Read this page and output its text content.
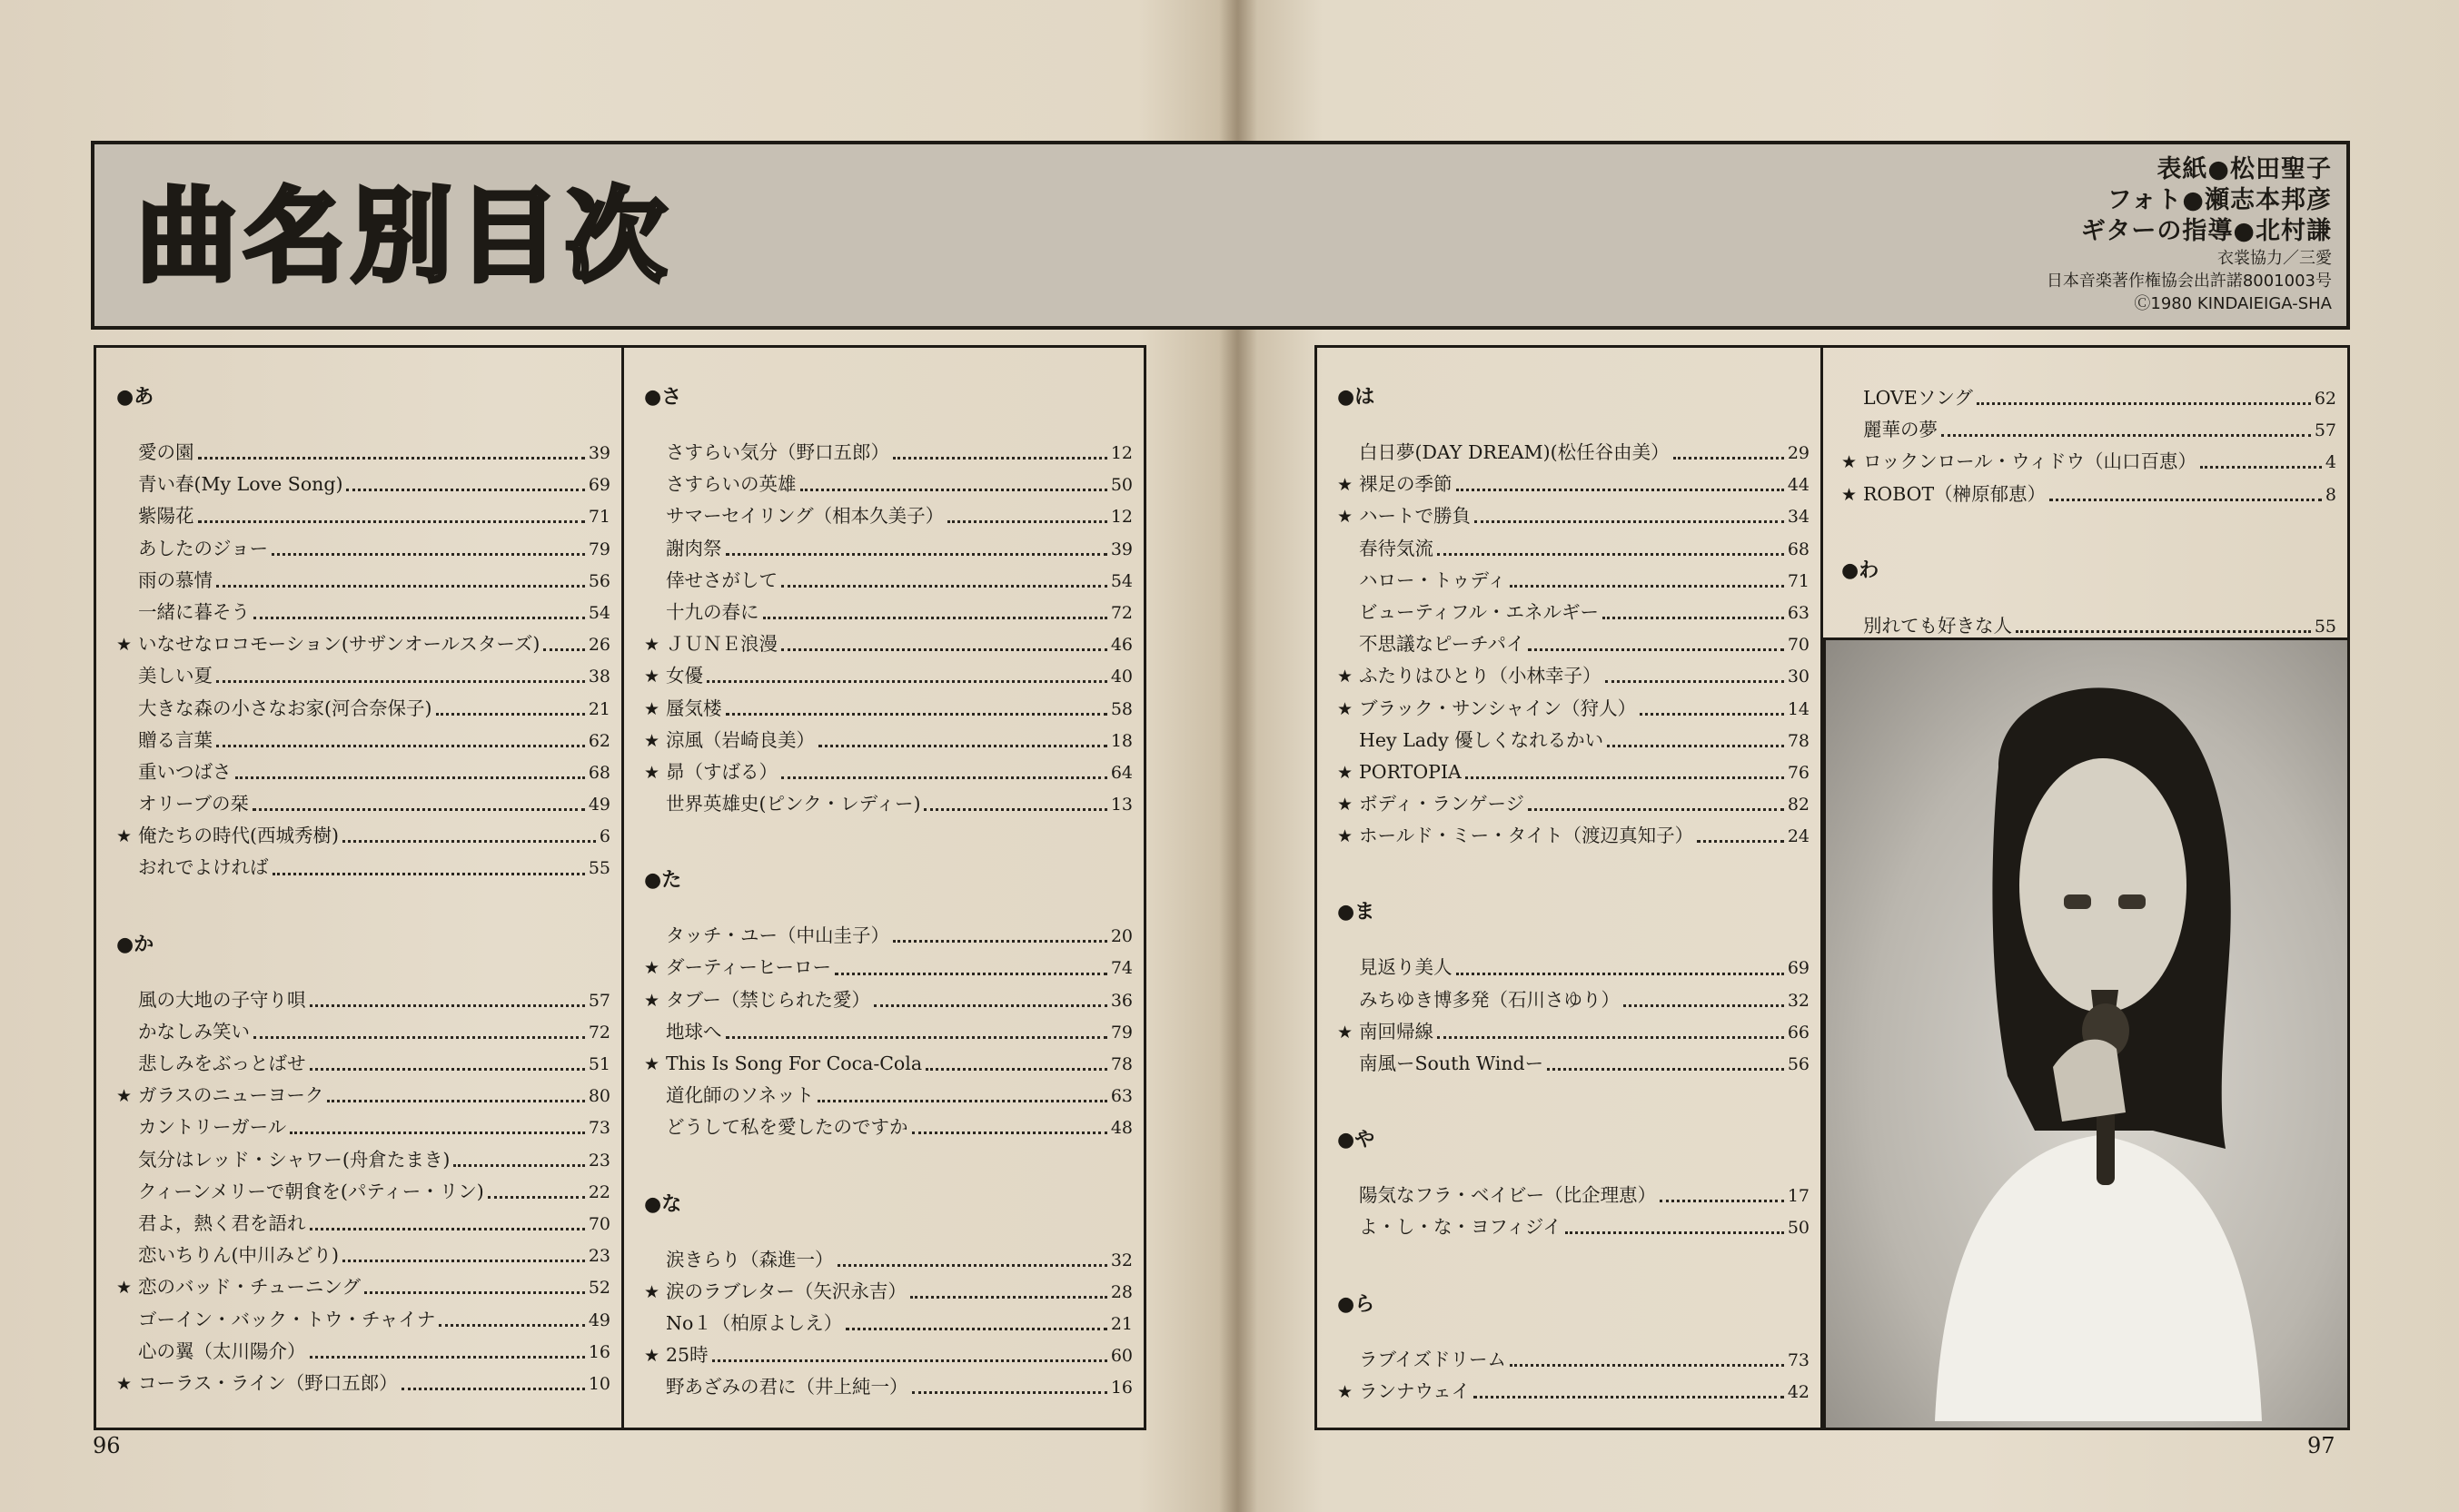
曲名別目次
表紙●松田聖子
フォト●瀬志本邦彦
ギターの指導●北村謙
衣裳協力／三愛
日本音楽著作権協会出許諾8001003号
Ⓒ1980 KINDAIEIGA-SHA
●あ
愛の園	39
青い春(My Love Song)	69
紫陽花	71
あしたのジョー	79
雨の慕情	56
一緒に暮そう	54
★ いなせなロコモーション(サザンオールスターズ)	26
美しい夏	38
大きな森の小さなお家(河合奈保子)	21
贈る言葉	62
重いつばさ	68
オリーブの栞	49
★ 俺たちの時代(西城秀樹)	6
おれでよければ	55
●か
風の大地の子守り唄	57
かなしみ笑い	72
悲しみをぶっとばせ	51
★ ガラスのニューヨーク	80
カントリーガール	73
気分はレッド・シャワー(舟倉たまき)	23
クィーンメリーで朝食を(パティー・リン)	22
君よ，熱く君を語れ	70
恋いちりん(中川みどり)	23
★ 恋のバッド・チューニング	52
ゴーイン・バック・トウ・チャイナ	49
心の翼（太川陽介）	16
★ コーラス・ライン（野口五郎）	10
●さ
さすらい気分（野口五郎）	12
さすらいの英雄	50
サマーセイリング（相本久美子）	12
謝肉祭	39
倖せさがして	54
十九の春に	72
★ ＪＵＮＥ浪漫	46
★ 女優	40
★ 蜃気楼	58
★ 涼風（岩崎良美）	18
★ 昴（すばる）	64
世界英雄史(ピンク・レディー)	13
●た
タッチ・ユー（中山圭子）	20
★ ダーティーヒーロー	74
★ タブー（禁じられた愛）	36
地球へ	79
★ This Is Song For Coca-Cola	78
道化師のソネット	63
どうして私を愛したのですか	48
●な
涙きらり（森進一）	32
★ 涙のラブレター（矢沢永吉）	28
No１（柏原よしえ）	21
★ 25時	60
野あざみの君に（井上純一）	16
●は
白日夢(DAY DREAM)(松任谷由美）	29
★ 裸足の季節	44
★ ハートで勝負	34
春待気流	68
ハロー・トゥディ	71
ビューティフル・エネルギー	63
不思議なピーチパイ	70
★ ふたりはひとり（小林幸子）	30
★ ブラック・サンシャイン（狩人）	14
Hey Lady 優しくなれるかい	78
★ PORTOPIA	76
★ ボディ・ランゲージ	82
★ ホールド・ミー・タイト（渡辺真知子）	24
●ま
見返り美人	69
みちゆき博多発（石川さゆり）	32
★ 南回帰線	66
南風ーSouth Windー	56
●や
陽気なフラ・ベイビー（比企理恵）	17
よ・し・な・ヨフィジイ	50
●ら
ラブイズドリーム	73
★ ランナウェイ	42
LOVEソング	62
麗華の夢	57
★ ロックンロール・ウィドウ（山口百恵）	4
★ ROBOT（榊原郁恵）	8
●わ
別れても好きな人	55
96	97
